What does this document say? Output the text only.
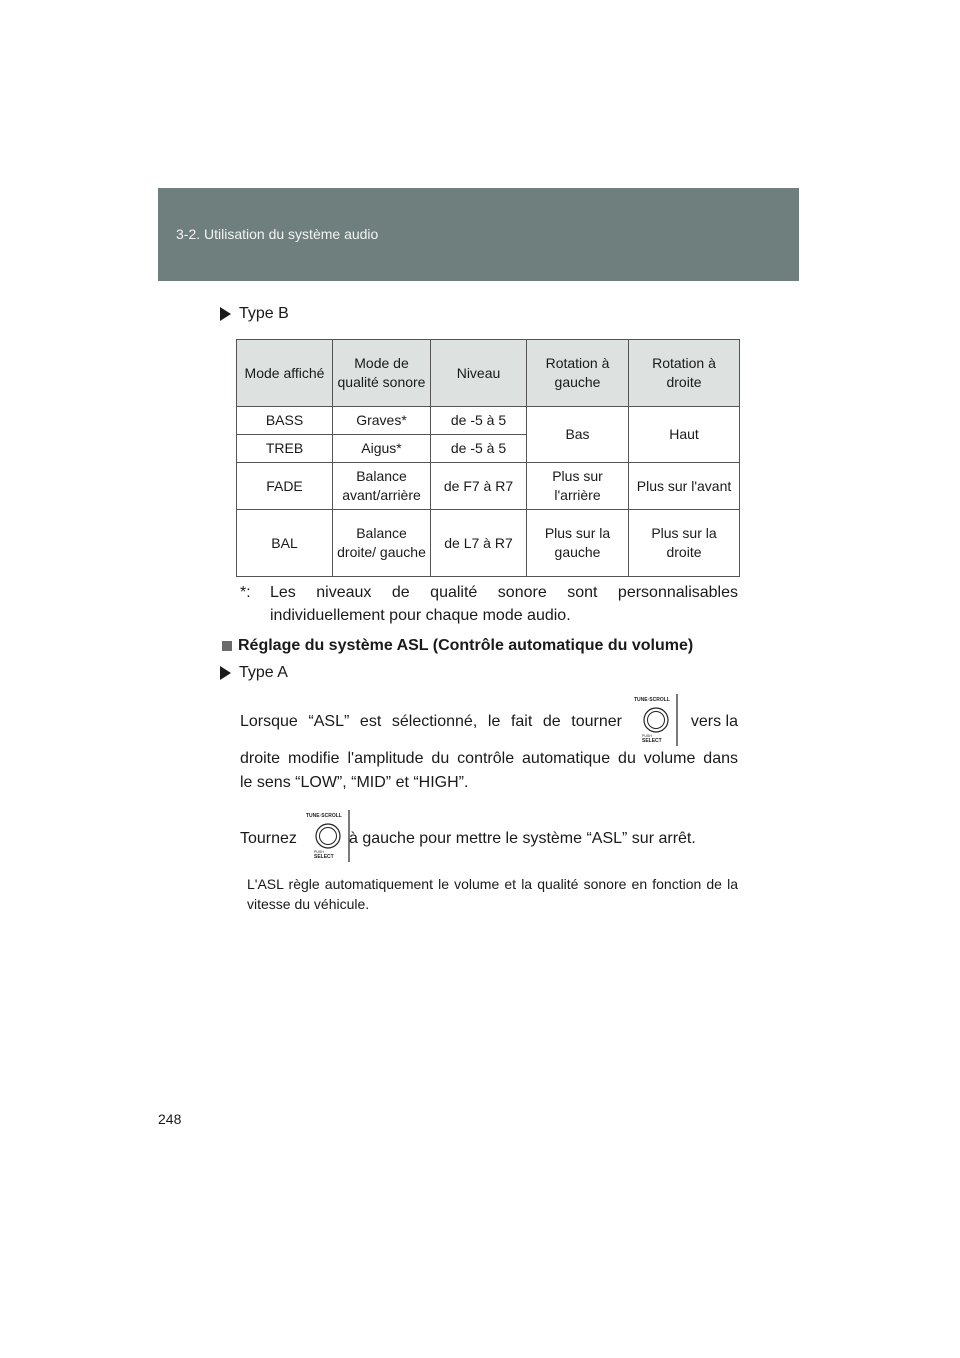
3-2. Utilisation du système audio
Type B
Mode affiché	Mode de qualité sonore	Niveau	Rotation à gauche	Rotation à droite
BASS	Graves*	de -5 à 5	Bas	Haut
TREB	Aigus*	de -5 à 5		
FADE	Balance avant/arrière	de F7 à R7	Plus sur l'arrière	Plus sur l'avant
BAL	Balance droite/ gauche	de L7 à R7	Plus sur la gauche	Plus sur la droite
*: Les niveaux de qualité sonore sont personnalisables individuellement pour chaque mode audio.
Réglage du système ASL (Contrôle automatique du volume)
Type A
Lorsque “ASL” est sélectionné, le fait de tourner
TUNE·SCROLL
PUSH
SELECT
vers la
droite modifie l'amplitude du contrôle automatique du volume dans
le sens “LOW”, “MID” et “HIGH”.
Tournez
TUNE·SCROLL
PUSH
SELECT
à gauche pour mettre le système “ASL” sur arrêt.
L'ASL règle automatiquement le volume et la qualité sonore en fonction de la vitesse du véhicule.
248
